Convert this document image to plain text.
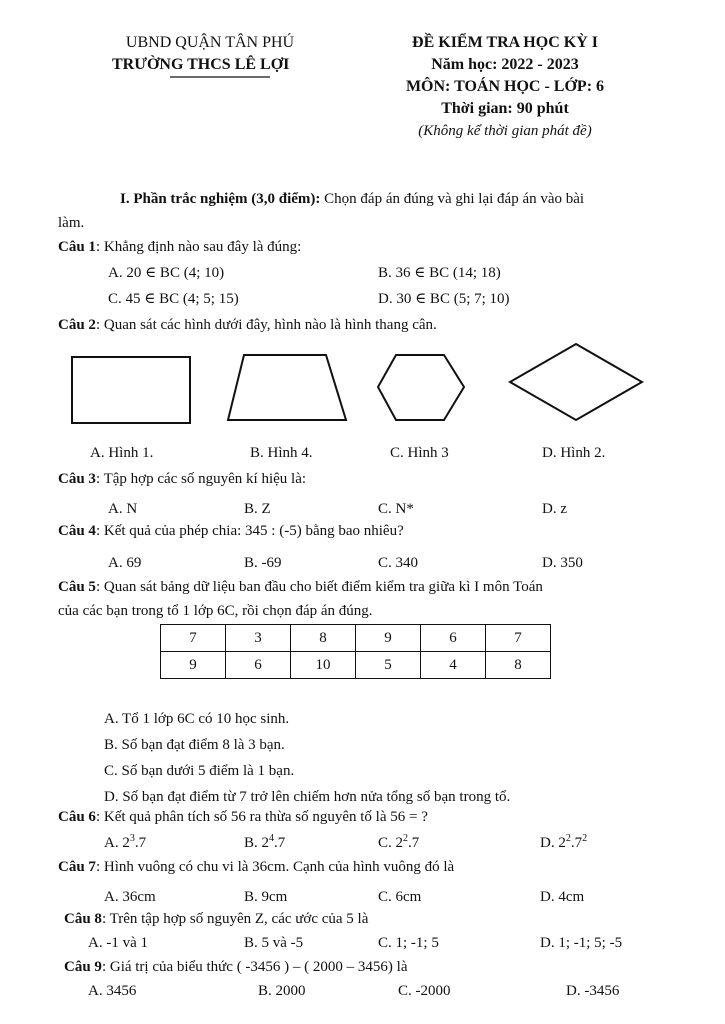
UBND QUẬN TÂN PHÚ
TRƯỜNG THCS LÊ LỢI
ĐỀ KIỂM TRA HỌC KỲ I
Năm học: 2022 - 2023
MÔN: TOÁN HỌC - LỚP: 6
Thời gian: 90 phút
(Không kể thời gian phát đề)
I. Phần trắc nghiệm (3,0 điểm): Chọn đáp án đúng và ghi lại đáp án vào bài
làm.
Câu 1: Khẳng định nào sau đây là đúng:
A. 20 ∈ BC (4; 10)	B. 36 ∈ BC (14; 18)
C. 45 ∈ BC (4; 5; 15)	D. 30 ∈ BC (5; 7; 10)
Câu 2: Quan sát các hình dưới đây, hình nào là hình thang cân.
A. Hình 1.	B. Hình 4.	C. Hình 3	D. Hình 2.
Câu 3: Tập hợp các số nguyên kí hiệu là:
A. N	B. Z	C. N*	D. z
Câu 4: Kết quả của phép chia: 345 : (-5) bằng bao nhiêu?
A. 69	B. -69	C. 340	D. 350
Câu 5: Quan sát bảng dữ liệu ban đầu cho biết điểm kiểm tra giữa kì I môn Toán
của các bạn trong tổ 1 lớp 6C, rồi chọn đáp án đúng.
7	3	8	9	6	7
9	6	10	5	4	8
A. Tổ 1 lớp 6C có 10 học sinh.
B. Số bạn đạt điểm 8 là 3 bạn.
C. Số bạn dưới 5 điểm là 1 bạn.
D. Số bạn đạt điểm từ 7 trở lên chiếm hơn nửa tổng số bạn trong tổ.
Câu 6: Kết quả phân tích số 56 ra thừa số nguyên tố là 56 = ?
A. $2^3.7$	B. $2^4.7$	C. $2^2.7$	D. $2^2.7^2$
Câu 7: Hình vuông có chu vi là 36cm. Cạnh của hình vuông đó là
A. 36cm	B. 9cm	C. 6cm	D. 4cm
Câu 8: Trên tập hợp số nguyên Z, các ước của 5 là
A. -1 và 1	B. 5 và -5	C. 1; -1; 5	D. 1; -1; 5; -5
Câu 9: Giá trị của biểu thức ( -3456 ) – ( 2000 – 3456) là
A. 3456	B. 2000	C. -2000	D. -3456
